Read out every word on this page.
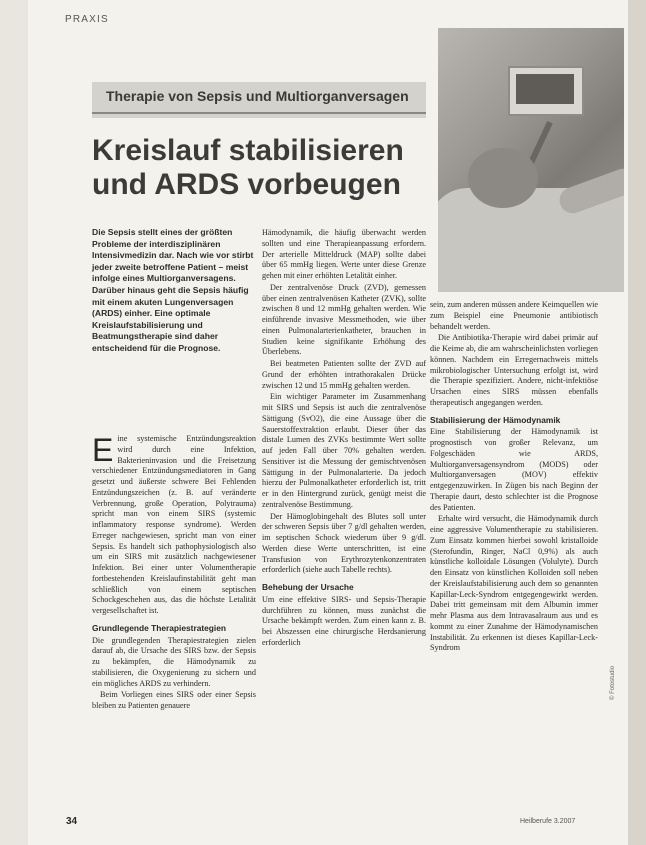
PRAXIS
Therapie von Sepsis und Multiorganversagen
Kreislauf stabilisieren
und ARDS vorbeugen
Die Sepsis stellt eines der größten Probleme der interdisziplinären Intensivmedizin dar. Nach wie vor stirbt jeder zweite betroffene Patient – meist infolge eines Multiorganversagens. Darüber hinaus geht die Sepsis häufig mit einem akuten Lungenversagen (ARDS) einher. Eine optimale Kreislaufstabilisierung und Beatmungstherapie sind daher entscheidend für die Prognose.

Eine systemische Entzündungsreaktion wird durch eine Infektion, Bakterieninvasion und die Freisetzung verschiedener Entzündungsmediatoren in Gang gesetzt und äußerste schwere Bei Fehlenden Entzündungszeichen (z. B. auf veränderte Verbrennung, große Operation, Polytrauma) spricht man von einem SIRS (systemic inflammatory response syndrome). Werden Erreger nachgewiesen, spricht man von einer Sepsis. Es handelt sich pathophysiologisch also um ein SIRS mit zusätzlich nachgewiesener Infektion. Bei einer unter Volumentherapie fortbestehenden Kreislaufinstabilität geht man schließlich von einem septischen Schockgeschehen aus, das die höchste Letalität vergesellschaftet ist.

Grundlegende Therapiestrategien

Die grundlegenden Therapiestrategien zielen darauf ab, die Ursache des SIRS bzw. der Sepsis zu bekämpfen, die Hämodynamik zu stabilisieren, die Oxygenierung zu sichern und ein mögliches ARDS zu verhindern.

Beim Vorliegen eines SIRS oder einer Sepsis bleiben zu Patienten genauere

Hämodynamik, die häufig überwacht werden sollten und eine Therapieanpassung erfordern. Der arterielle Mitteldruck (MAP) sollte dabei über 65 mmHg liegen. Werte unter diese Grenze gehen mit einer erhöhten Letalität einher.

Der zentralvenöse Druck (ZVD), gemessen über einen zentralvenösen Katheter (ZVK), sollte zwischen 8 und 12 mmHg gehalten werden. Wie einführende invasive Messmethoden, wie über einen Pulmonalarterienkatheter, brauchen in Studien keine signifikante Erhöhung des Überlebens.

Bei beatmeten Patienten sollte der ZVD auf Grund der erhöhten intrathorakalen Drücke zwischen 12 und 15 mmHg gehalten werden.

Ein wichtiger Parameter im Zusammenhang mit SIRS und Sepsis ist auch die zentralvenöse Sättigung (SvO2), die eine Aussage über die Sauerstoffextraktion erlaubt. Dieser über das distale Lumen des ZVKs bestimmte Wert sollte auf jeden Fall über 70% gehalten werden. Sensitiver ist die Messung der gemischtvenösen Sättigung in der Pulmonalarterie. Da jedoch hierzu der Pulmonalkatheter erforderlich ist, tritt er in den Hintergrund zurück, genügt meist die zentralvenöse Bestimmung.

Der Hämoglobingehalt des Blutes soll unter der schweren Sepsis über 7 g/dl gehalten werden, im septischen Schock wiederum über 9 g/dl. Werden diese Werte unterschritten, ist eine Transfusion von Erythrozytenkonzentraten erforderlich (siehe auch Tabelle rechts).

Behebung der Ursache

Um eine effektive SIRS- und Sepsis-Therapie durchführen zu können, muss zunächst die Ursache bekämpft werden. Zum einen kann z. B. bei Abszessen eine chirurgische Herdsanierung erforderlich

sein, zum anderen müssen andere Keimquellen wie zum Beispiel eine Pneumonie antibiotisch behandelt werden.

Die Antibiotika-Therapie wird dabei primär auf die Keime ab, die am wahrscheinlichsten vorliegen können. Nachdem ein Erregernachweis mittels mikrobiologischer Untersuchung erfolgt ist, wird die Therapie spezifiziert. Andere, nicht-infektiöse Ursachen eines SIRS müssen ebenfalls therapeutisch angegangen werden.

Stabilisierung der Hämodynamik

Eine Stabilisierung der Hämodynamik ist prognostisch von großer Relevanz, um Folgeschäden wie ARDS, Multiorganversagensyndrom (MODS) oder Multiorganversagen (MOV) effektiv entgegenzuwirken. In Zügen bis nach Beginn der Therapie daurt, desto schlechter ist die Prognose des Patienten.

Erhalte wird versucht, die Hämodynamik durch eine aggressive Volumentherapie zu stabilisieren. Zum Einsatz kommen hierbei sowohl kristalloide (Sterofundin, Ringer, NaCl 0,9%) als auch künstliche kolloidale Lösungen (Volulyte). Durch den Einsatz von künstlichen Kolloiden soll neben der Kreislaufstabilisierung auch dem so genannten Kapillar-Leck-Syndrom entgegengewirkt werden. Dabei tritt gemeinsam mit dem Albumin immer mehr Plasma aus dem Intravasalraum aus und es kommt zu einer Zunahme der Hämodynamischen Instabilität. Zu erkennen ist dieses Kapillar-Leck-Syndrom

© Fotostudio
34	Heilberufe 3.2007
